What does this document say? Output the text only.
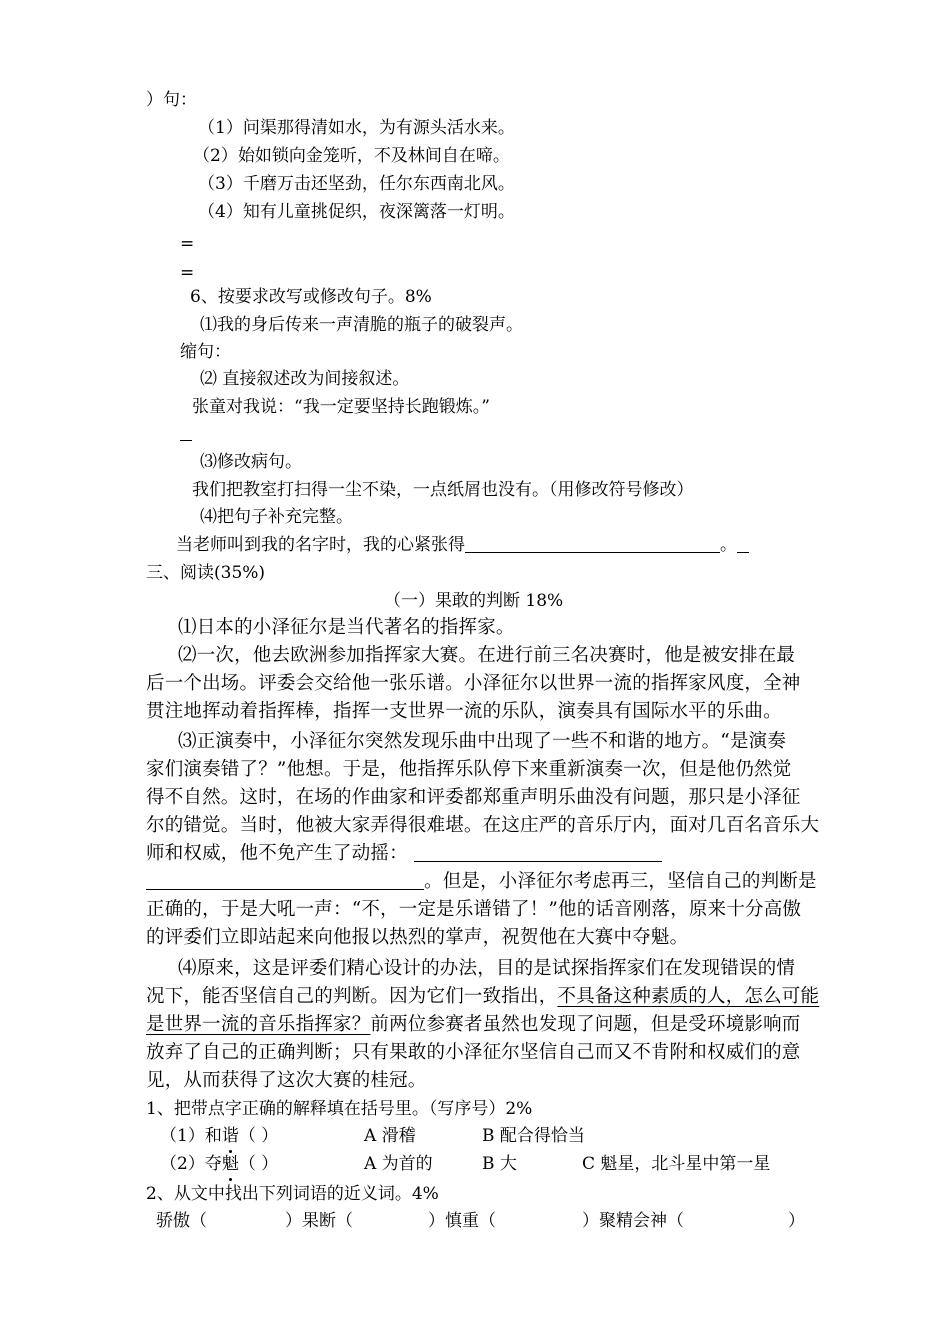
）句：
（1）问渠那得清如水，为有源头活水来。
（2）始如锁向金笼听，不及林间自在啼。
（3）千磨万击还坚劲，任尔东西南北风。
（4）知有儿童挑促织，夜深篱落一灯明。
=
=
6、按要求改写或修改句子。8%
⑴我的身后传来一声清脆的瓶子的破裂声。
缩句：
⑵ 直接叙述改为间接叙述。
张童对我说：“我一定要坚持长跑锻炼。”
⑶修改病句。
我们把教室打扫得一尘不染，一点纸屑也没有。（用修改符号修改）
⑷把句子补充完整。
当老师叫到我的名字时，我的心紧张得	。
三、阅读(35%)
（一）果敢的判断 18%
⑴日本的小泽征尔是当代著名的指挥家。
⑵一次，他去欧洲参加指挥家大赛。在进行前三名决赛时，他是被安排在最
后一个出场。评委会交给他一张乐谱。小泽征尔以世界一流的指挥家风度，全神
贯注地挥动着指挥棒，指挥一支世界一流的乐队，演奏具有国际水平的乐曲。
⑶正演奏中，小泽征尔突然发现乐曲中出现了一些不和谐的地方。“是演奏
家们演奏错了？”他想。于是，他指挥乐队停下来重新演奏一次，但是他仍然觉
得不自然。这时，在场的作曲家和评委都郑重声明乐曲没有问题，那只是小泽征
尔的错觉。当时，他被大家弄得很难堪。在这庄严的音乐厅内，面对几百名音乐大
师和权威，他不免产生了动摇：
。但是，小泽征尔考虑再三，坚信自己的判断是
正确的，于是大吼一声：“不，一定是乐谱错了！”他的话音刚落，原来十分高傲
的评委们立即站起来向他报以热烈的掌声，祝贺他在大赛中夺魁。
⑷原来，这是评委们精心设计的办法，目的是试探指挥家们在发现错误的情
况下，能否坚信自己的判断。因为它们一致指出，不具备这种素质的人，怎么可能
是世界一流的音乐指挥家？前两位参赛者虽然也发现了问题，但是受环境影响而
放弃了自己的正确判断；只有果敢的小泽征尔坚信自己而又不肯附和权威们的意
见，从而获得了这次大赛的桂冠。
1、把带点字正确的解释填在括号里。（写序号）2%
（1）和谐（ ）	A 滑稽	B 配合得恰当
（2）夺魁（ ）	A 为首的	B 大	C 魁星，北斗星中第一星
2、从文中找出下列词语的近义词。4%
骄傲（	）果断（	）慎重（	）聚精会神（	）
